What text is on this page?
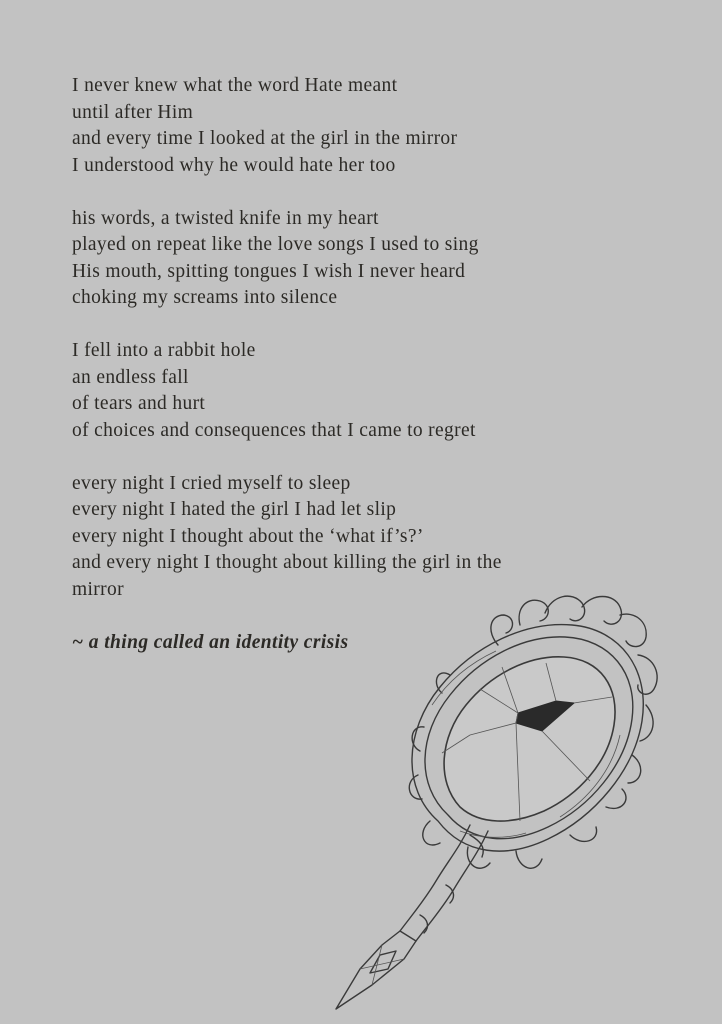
I never knew what the word Hate meant
until after Him
and every time I looked at the girl in the mirror
I understood why he would hate her too
his words, a twisted knife in my heart
played on repeat like the love songs I used to sing
His mouth, spitting tongues I wish I never heard
choking my screams into silence
I fell into a rabbit hole
an endless fall
of tears and hurt
of choices and consequences that I came to regret
every night I cried myself to sleep
every night I hated the girl I had let slip
every night I thought about the ‘what if’s?’
and every night I thought about killing the girl in the
mirror
~ a thing called an identity crisis
